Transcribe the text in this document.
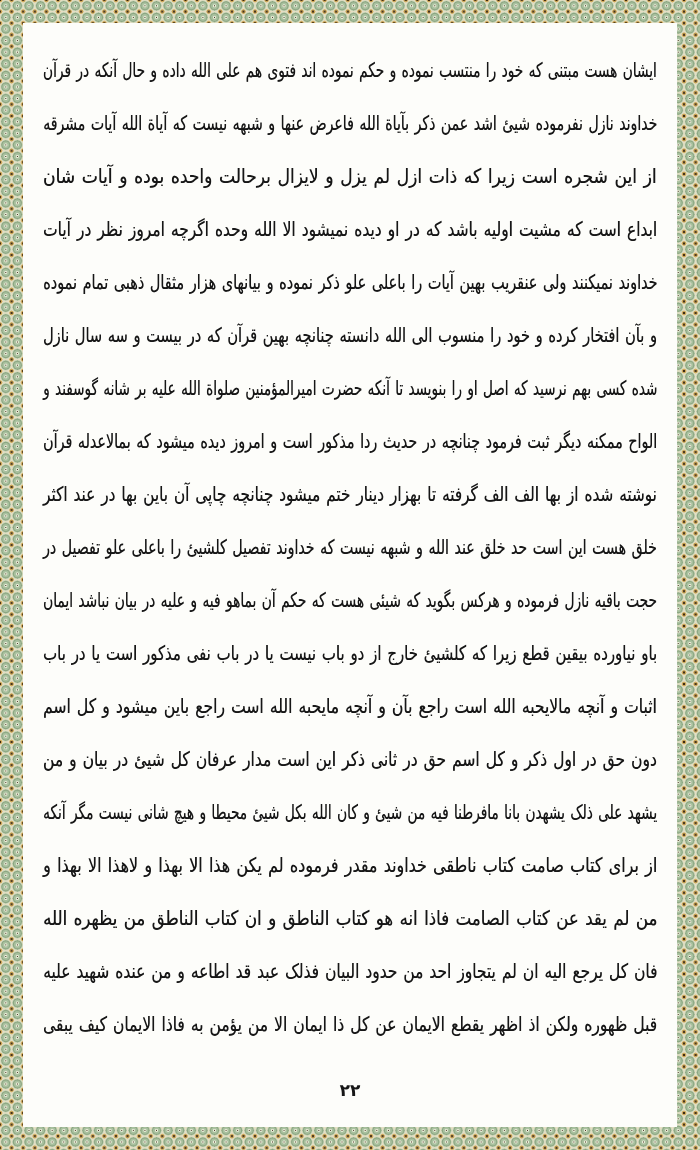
ایشان هست مبتنی که خود را منتسب نموده و حکم نموده اند فتوی هم علی الله داده و حال آنکه در قرآن
خداوند نازل نفرموده شیئ اشد عمن ذکر بآیاة الله فاعرض عنها و شبهه نیست که آیاة الله آیات مشرقه
از این شجره است زیرا که ذات ازل لم یزل و لایزال برحالت واحده بوده و آیات شان
ابداع است که مشیت اولیه باشد که در او دیده نمیشود الا الله وحده اگرچه امروز نظر در آیات
خداوند نمیکنند ولی عنقریب بهین آیات را باعلی علو ذکر نموده و بیانهای هزار مثقال ذهبی تمام نموده
و بآن افتخار کرده و خود را منسوب الی الله دانسته چنانچه بهین قرآن که در بیست و سه سال نازل
شده کسی بهم نرسید که اصل او را بنویسد تا آنکه حضرت امیرالمؤمنین صلواة الله علیه بر شانه گوسفند و
الواح ممکنه دیگر ثبت فرمود چنانچه در حدیث ردا مذکور است و امروز دیده میشود که بمالاعدله قرآن
نوشته شده از بها الف الف گرفته تا بهزار دینار ختم میشود چنانچه چاپی آن باین بها در عند اکثر
خلق هست این است حد خلق عند الله و شبهه نیست که خداوند تفصیل کلشیئ را باعلی علو تفصیل در
حجت باقیه نازل فرموده و هرکس بگوید که شیئی هست که حکم آن بماهو فیه و علیه در بیان نباشد ایمان
باو نیاورده بیقین قطع زیرا که کلشیئ خارج از دو باب نیست یا در باب نفی مذکور است یا در باب
اثبات و آنچه مالایحبه الله است راجع بآن و آنچه مایحبه الله است راجع باین میشود و کل اسم
دون حق در اول ذکر و کل اسم حق در ثانی ذکر این است مدار عرفان کل شیئ در بیان و من
یشهد علی ذلک یشهدن بانا مافرطنا فیه من شیئ و کان الله بکل شیئ محیطا و هیچ شانی نیست مگر آنکه
از برای کتاب صامت کتاب ناطقی خداوند مقدر فرموده لم یکن هذا الا بهذا و لاهذا الا بهذا و
من لم یقد عن کتاب الصامت فاذا انه هو کتاب الناطق و ان کتاب الناطق من یظهره الله
فان کل یرجع الیه ان لم یتجاوز احد من حدود البیان فذلک عبد قد اطاعه و من عنده شهید علیه
قبل ظهوره ولکن اذ اظهر یقطع الایمان عن کل ذا ایمان الا من یؤمن به فاذا الایمان کیف یبقی
۲۲
